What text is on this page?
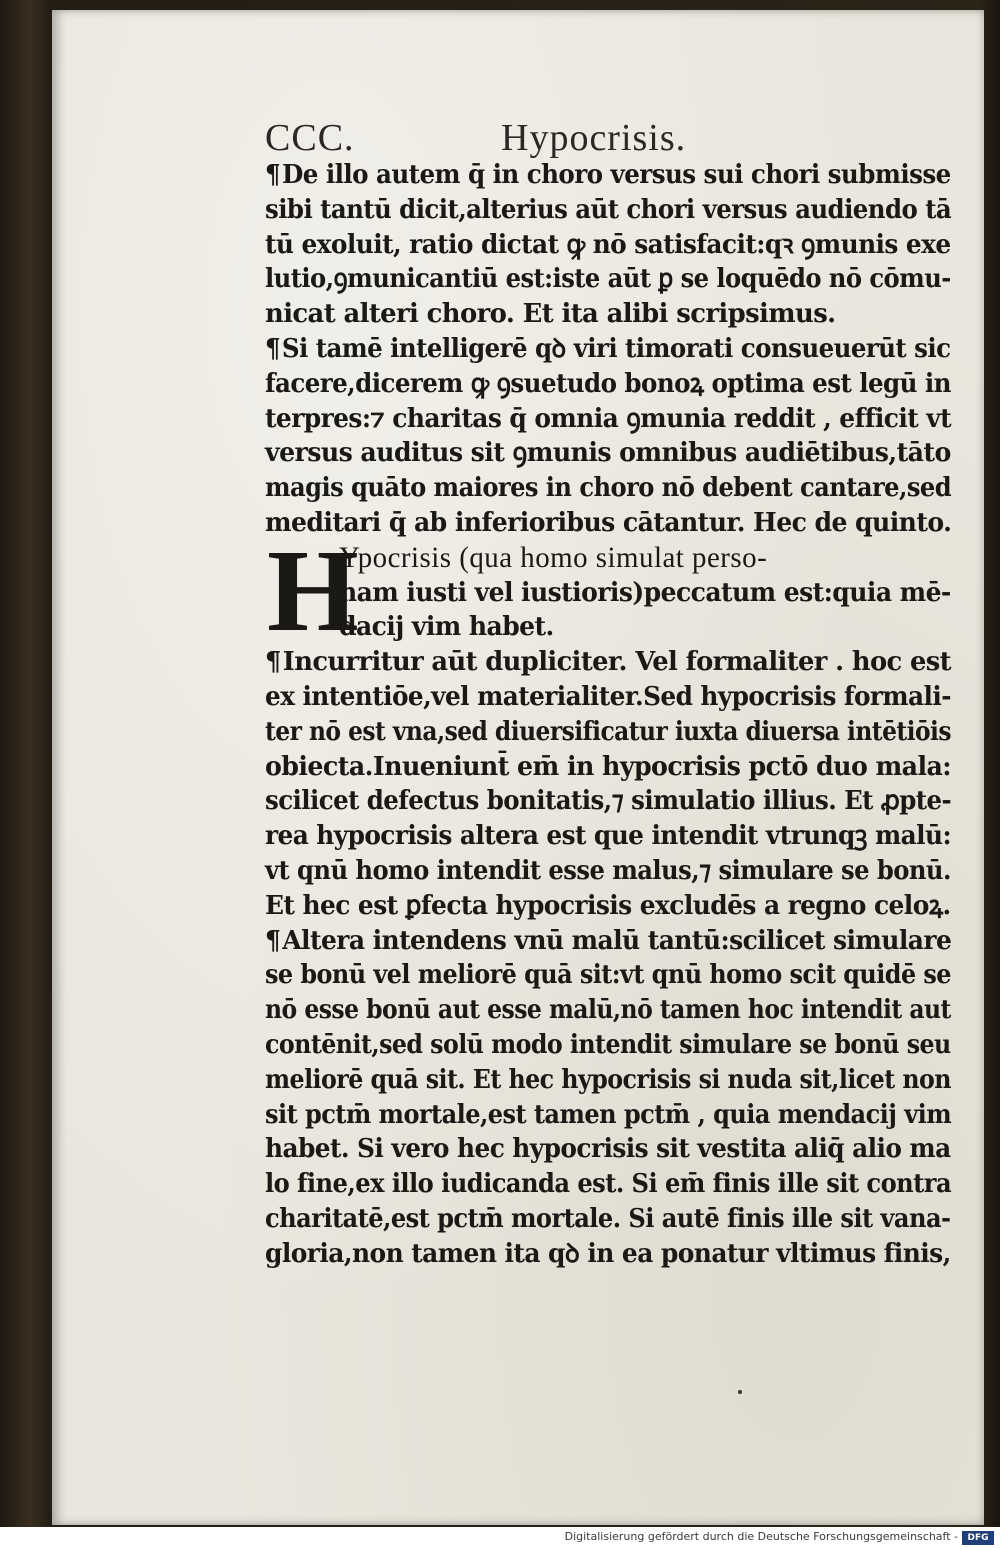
CCC.	Hypocrisis.
¶De illo autem q̄ in choro versus sui chori submisse
sibi tantū dicit,alterius aūt chori versus audiendo tā
tū exoluit, ratio dictat ꝙ nō satisfacit:qꝛ ꝯmunis exe
lutio,ꝯmunicantiū est:iste aūt ꝑ se loquēdo nō cōmu-
nicat alteri choro. Et ita alibi scripsimus.
¶Si tamē intelligerē qꝺ viri timorati consueuerūt sic
facere,dicerem ꝙ ꝯsuetudo bonoꝝ optima est legū in
terpres:⁊ charitas q̄ omnia ꝯmunia reddit , efficit vt
versus auditus sit ꝯmunis omnibus audiētibus,tāto
magis quāto maiores in choro nō debent cantare,sed
meditari q̄ ab inferioribus cātantur. Hec de quinto.
H
Ypocrisis (qua homo simulat perso-
nam iusti vel iustioris)peccatum est:quia mē-
dacij vim habet.
¶Incurritur aūt dupliciter. Vel formaliter . hoc est
ex intentiōe,vel materialiter.Sed hypocrisis formali-
ter nō est vna,sed diuersificatur iuxta diuersa intētiōis
obiecta.Inueniunt̄ em̄ in hypocrisis pctō duo mala:
scilicet defectus bonitatis,⁊ simulatio illius. Et ꝓpte-
rea hypocrisis altera est que intendit vtrunqꝫ malū:
vt qnū homo intendit esse malus,⁊ simulare se bonū.
Et hec est ꝑfecta hypocrisis excludēs a regno celoꝝ.
¶Altera intendens vnū malū tantū:scilicet simulare
se bonū vel meliorē quā sit:vt qnū homo scit quidē se
nō esse bonū aut esse malū,nō tamen hoc intendit aut
contēnit,sed solū modo intendit simulare se bonū seu
meliorē quā sit. Et hec hypocrisis si nuda sit,licet non
sit pctm̄ mortale,est tamen pctm̄ , quia mendacij vim
habet. Si vero hec hypocrisis sit vestita aliq̄ alio ma
lo fine,ex illo iudicanda est. Si em̄ finis ille sit contra
charitatē,est pctm̄ mortale. Si autē finis ille sit vana-
gloria,non tamen ita qꝺ in ea ponatur vltimus finis,
Digitalisierung gefördert durch die Deutsche Forschungsgemeinschaft -	DFG
